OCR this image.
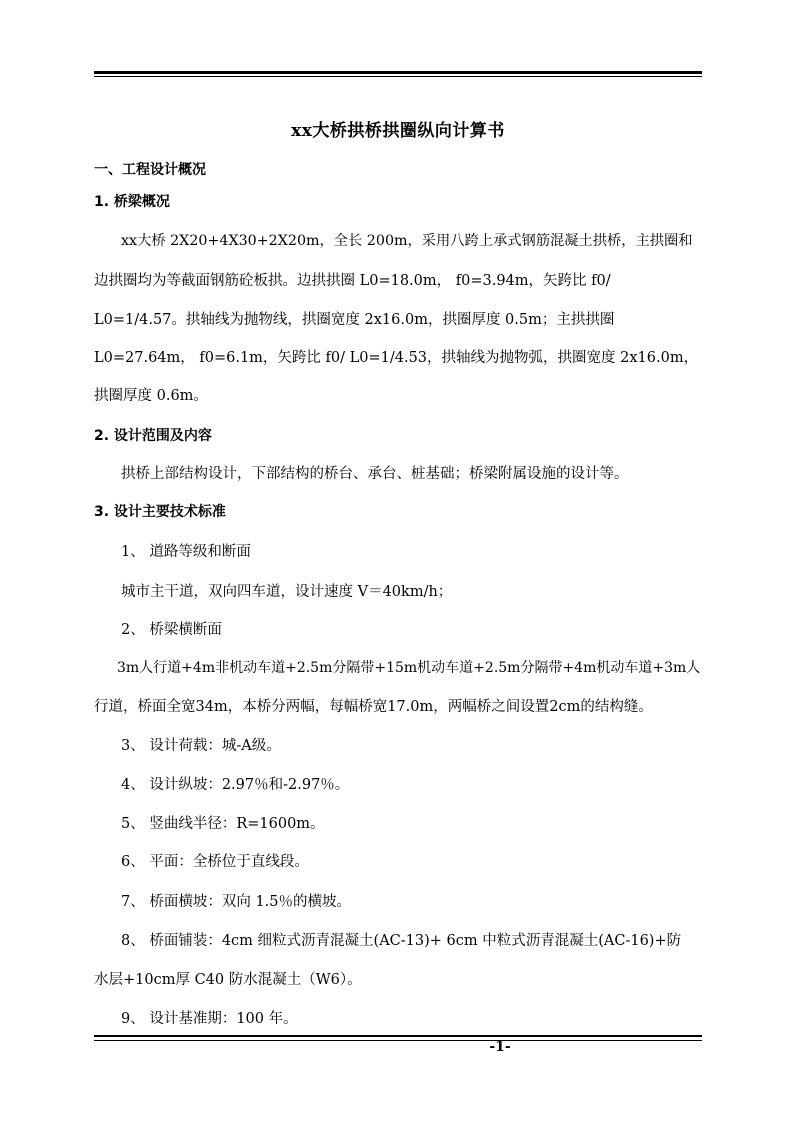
xx大桥拱桥拱圈纵向计算书
一、工程设计概况
1. 桥梁概况
xx大桥 2X20+4X30+2X20m，全长 200m，采用八跨上承式钢筋混凝土拱桥，主拱圈和
边拱圈均为等截面钢筋砼板拱。边拱拱圈 L0=18.0m， f0=3.94m，矢跨比 f0/
L0=1/4.57。拱轴线为抛物线，拱圈宽度 2x16.0m，拱圈厚度 0.5m；主拱拱圈
L0=27.64m， f0=6.1m，矢跨比 f0/ L0=1/4.53，拱轴线为抛物弧，拱圈宽度 2x16.0m，
拱圈厚度 0.6m。
2. 设计范围及内容
拱桥上部结构设计，下部结构的桥台、承台、桩基础；桥梁附属设施的设计等。
3. 设计主要技术标准
1、 道路等级和断面
城市主干道，双向四车道，设计速度 V＝40km/h；
2、 桥梁横断面
3m人行道+4m非机动车道+2.5m分隔带+15m机动车道+2.5m分隔带+4m机动车道+3m人
行道，桥面全宽34m，本桥分两幅，每幅桥宽17.0m，两幅桥之间设置2cm的结构缝。
3、 设计荷载：城-A级。
4、 设计纵坡：2.97％和-2.97％。
5、 竖曲线半径：R=1600m。
6、 平面：全桥位于直线段。
7、 桥面横坡：双向 1.5％的横坡。
8、 桥面铺装：4cm 细粒式沥青混凝土(AC-13)+ 6cm 中粒式沥青混凝土(AC-16)+防
水层+10cm厚 C40 防水混凝土（W6）。
9、 设计基准期：100 年。
-1-
